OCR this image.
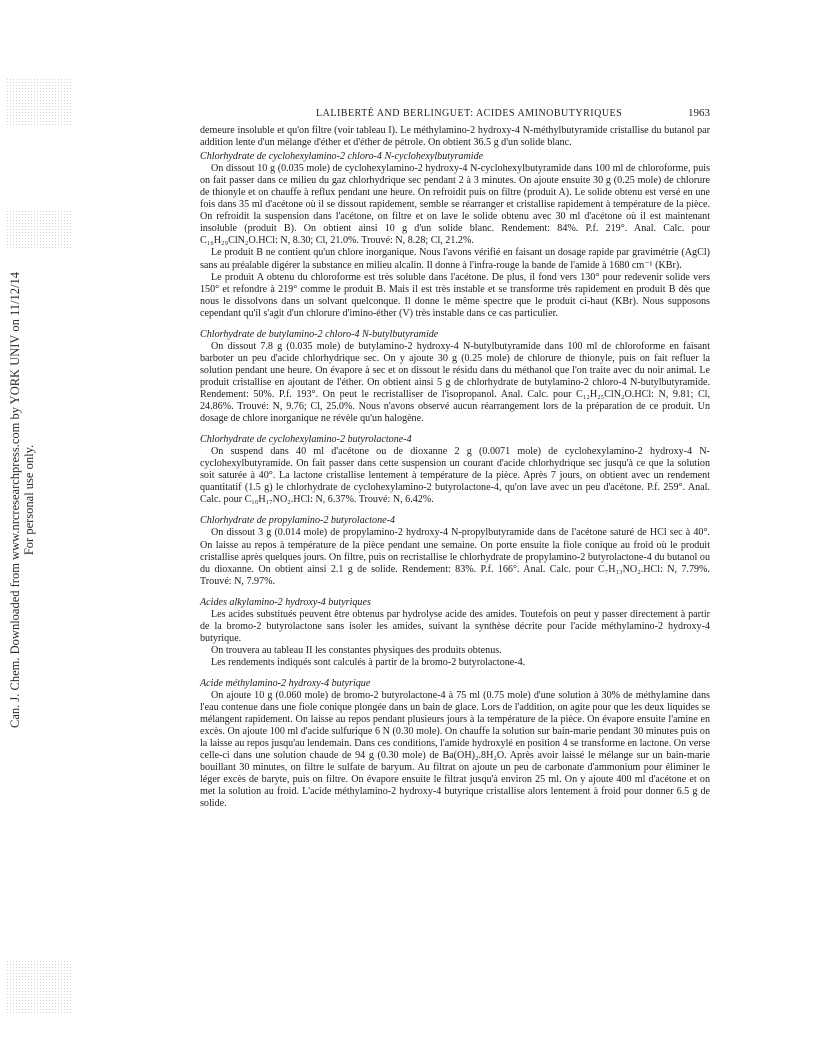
Can. J. Chem. Downloaded from www.nrcresearchpress.com by YORK UNIV on 11/12/14 For personal use only.
LALIBERTÉ AND BERLINGUET: ACIDES AMINOBUTYRIQUES	1963

demeure insoluble et qu'on filtre (voir tableau I). Le méthylamino-2 hydroxy-4 N-méthylbutyramide cristallise du butanol par addition lente d'un mélange d'éther et d'éther de pétrole. On obtient 36.5 g d'un solide blanc.

Chlorhydrate de cyclohexylamino-2 chloro-4 N-cyclohexylbutyramide

On dissout 10 g (0.035 mole) de cyclohexylamino-2 hydroxy-4 N-cyclohexylbutyramide dans 100 ml de chloroforme, puis on fait passer dans ce milieu du gaz chlorhydrique sec pendant 2 à 3 minutes. On ajoute ensuite 30 g (0.25 mole) de chlorure de thionyle et on chauffe à reflux pendant une heure. On refroidit puis on filtre (produit A). Le solide obtenu est versé en une fois dans 35 ml d'acétone où il se dissout rapidement, semble se réarranger et cristallise rapidement à température de la pièce. On refroidit la suspension dans l'acétone, on filtre et on lave le solide obtenu avec 30 ml d'acétone où il est maintenant insoluble (produit B). On obtient ainsi 10 g d'un solide blanc. Rendement: 84%. P.f. 219°. Anal. Calc. pour C₁₆H₂₉ClN₂O.HCl: N, 8.30; Cl, 21.0%. Trouvé: N, 8.28; Cl, 21.2%.

Le produit B ne contient qu'un chlore inorganique. Nous l'avons vérifié en faisant un dosage rapide par gravimétrie (AgCl) sans au préalable digérer la substance en milieu alcalin. Il donne à l'infra-rouge la bande de l'amide à 1680 cm⁻¹ (KBr).

Le produit A obtenu du chloroforme est très soluble dans l'acétone. De plus, il fond vers 130° pour redevenir solide vers 150° et refondre à 219° comme le produit B. Mais il est très instable et se transforme très rapidement en produit B dès que nous le dissolvons dans un solvant quelconque. Il donne le même spectre que le produit ci-haut (KBr). Nous supposons cependant qu'il s'agit d'un chlorure d'imino-éther (V) très instable dans ce cas particulier.

Chlorhydrate de butylamino-2 chloro-4 N-butylbutyramide

On dissout 7.8 g (0.035 mole) de butylamino-2 hydroxy-4 N-butylbutyramide dans 100 ml de chloroforme en faisant barboter un peu d'acide chlorhydrique sec. On y ajoute 30 g (0.25 mole) de chlorure de thionyle, puis on fait refluer la solution pendant une heure. On évapore à sec et on dissout le résidu dans du méthanol que l'on traite avec du noir animal. Le produit cristallise en ajoutant de l'éther. On obtient ainsi 5 g de chlorhydrate de butylamino-2 chloro-4 N-butylbutyramide. Rendement: 50%. P.f. 193°. On peut le recristalliser de l'isopropanol. Anal. Calc. pour C₁₂H₂₅ClN₂O.HCl: N, 9.81; Cl, 24.86%. Trouvé: N, 9.76; Cl, 25.0%. Nous n'avons observé aucun réarrangement lors de la préparation de ce produit. Un dosage de chlore inorganique ne révèle qu'un halogène.

Chlorhydrate de cyclohexylamino-2 butyrolactone-4

On suspend dans 40 ml d'acétone ou de dioxanne 2 g (0.0071 mole) de cyclohexylamino-2 hydroxy-4 N-cyclohexylbutyramide. On fait passer dans cette suspension un courant d'acide chlorhydrique sec jusqu'à ce que la solution soit saturée à 40°. La lactone cristallise lentement à température de la pièce. Après 7 jours, on obtient avec un rendement quantitatif (1.5 g) le chlorhydrate de cyclohexylamino-2 butyrolactone-4, qu'on lave avec un peu d'acétone. P.f. 259°. Anal. Calc. pour C₁₀H₁₇NO₂.HCl: N, 6.37%. Trouvé: N, 6.42%.

Chlorhydrate de propylamino-2 butyrolactone-4

On dissout 3 g (0.014 mole) de propylamino-2 hydroxy-4 N-propylbutyramide dans de l'acétone saturé de HCl sec à 40°. On laisse au repos à température de la pièce pendant une semaine. On porte ensuite la fiole conique au froid où le produit cristallise après quelques jours. On filtre, puis on recristallise le chlorhydrate de propylamino-2 butyrolactone-4 du butanol ou du dioxanne. On obtient ainsi 2.1 g de solide. Rendement: 83%. P.f. 166°. Anal. Calc. pour C₇H₁₃NO₂.HCl: N, 7.79%. Trouvé: N, 7.97%.

Acides alkylamino-2 hydroxy-4 butyriques

Les acides substitués peuvent être obtenus par hydrolyse acide des amides. Toutefois on peut y passer directement à partir de la bromo-2 butyrolactone sans isoler les amides, suivant la synthèse décrite pour l'acide méthylamino-2 hydroxy-4 butyrique.

On trouvera au tableau II les constantes physiques des produits obtenus.

Les rendements indiqués sont calculés à partir de la bromo-2 butyrolactone-4.

Acide méthylamino-2 hydroxy-4 butyrique

On ajoute 10 g (0.060 mole) de bromo-2 butyrolactone-4 à 75 ml (0.75 mole) d'une solution à 30% de méthylamine dans l'eau contenue dans une fiole conique plongée dans un bain de glace. Lors de l'addition, on agite pour que les deux liquides se mélangent rapidement. On laisse au repos pendant plusieurs jours à la température de la pièce. On évapore ensuite l'amine en excès. On ajoute 100 ml d'acide sulfurique 6 N (0.30 mole). On chauffe la solution sur bain-marie pendant 30 minutes puis on la laisse au repos jusqu'au lendemain. Dans ces conditions, l'amide hydroxylé en position 4 se transforme en lactone. On verse celle-ci dans une solution chaude de 94 g (0.30 mole) de Ba(OH)₂.8H₂O. Après avoir laissé le mélange sur un bain-marie bouillant 30 minutes, on filtre le sulfate de baryum. Au filtrat on ajoute un peu de carbonate d'ammonium pour éliminer le léger excès de baryte, puis on filtre. On évapore ensuite le filtrat jusqu'à environ 25 ml. On y ajoute 400 ml d'acétone et on met la solution au froid. L'acide méthylamino-2 hydroxy-4 butyrique cristallise alors lentement à froid pour donner 6.5 g de solide.
